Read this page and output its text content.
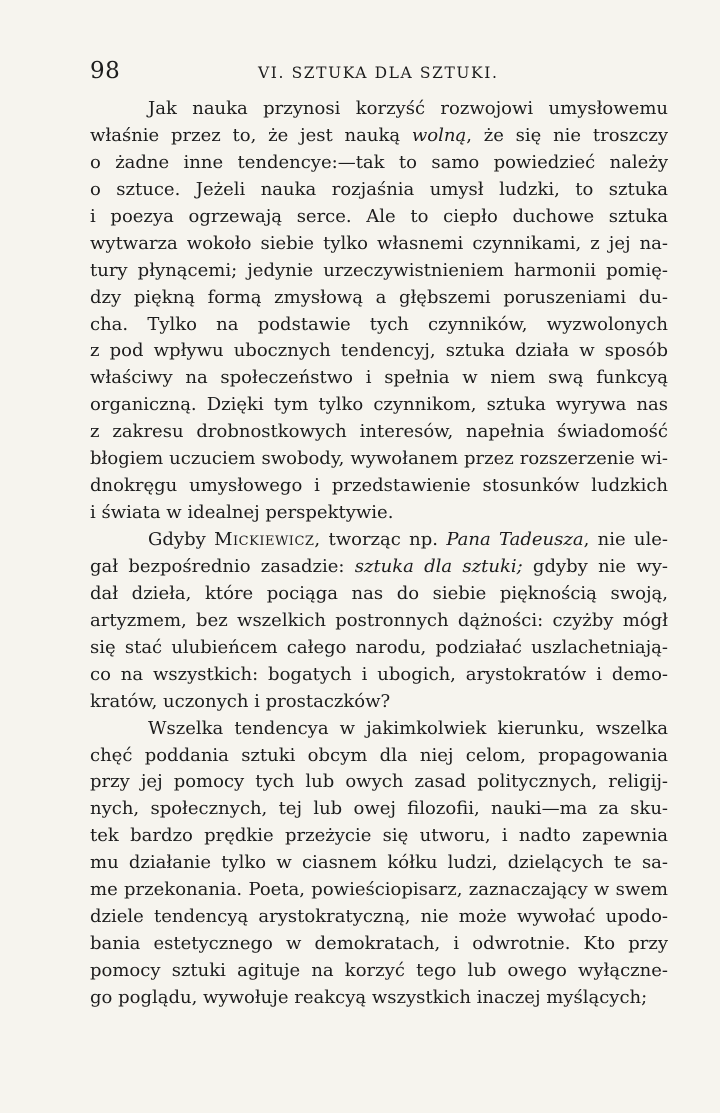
98	VI. SZTUKA DLA SZTUKI.
Jak nauka przynosi korzyść rozwojowi umysłowemu
właśnie przez to, że jest nauką wolną, że się nie troszczy
o żadne inne tendencye:—tak to samo powiedzieć należy
o sztuce. Jeżeli nauka rozjaśnia umysł ludzki, to sztuka
i poezya ogrzewają serce. Ale to ciepło duchowe sztuka
wytwarza wokoło siebie tylko własnemi czynnikami, z jej na-
tury płynącemi; jedynie urzeczywistnieniem harmonii pomię-
dzy piękną formą zmysłową a głębszemi poruszeniami du-
cha. Tylko na podstawie tych czynników, wyzwolonych
z pod wpływu ubocznych tendencyj, sztuka działa w sposób
właściwy na społeczeństwo i spełnia w niem swą funkcyą
organiczną. Dzięki tym tylko czynnikom, sztuka wyrywa nas
z zakresu drobnostkowych interesów, napełnia świadomość
błogiem uczuciem swobody, wywołanem przez rozszerzenie wi-
dnokręgu umysłowego i przedstawienie stosunków ludzkich
i świata w idealnej perspektywie.
Gdyby Mickiewicz, tworząc np. Pana Tadeusza, nie ule-
gał bezpośrednio zasadzie: sztuka dla sztuki; gdyby nie wy-
dał dzieła, które pociąga nas do siebie pięknością swoją,
artyzmem, bez wszelkich postronnych dążności: czyżby mógł
się stać ulubieńcem całego narodu, podziałać uszlachetniają-
co na wszystkich: bogatych i ubogich, arystokratów i demo-
kratów, uczonych i prostaczków?
Wszelka tendencya w jakimkolwiek kierunku, wszelka
chęć poddania sztuki obcym dla niej celom, propagowania
przy jej pomocy tych lub owych zasad politycznych, religij-
nych, społecznych, tej lub owej filozofii, nauki—ma za sku-
tek bardzo prędkie przeżycie się utworu, i nadto zapewnia
mu działanie tylko w ciasnem kółku ludzi, dzielących te sa-
me przekonania. Poeta, powieściopisarz, zaznaczający w swem
dziele tendencyą arystokratyczną, nie może wywołać upodo-
bania estetycznego w demokratach, i odwrotnie. Kto przy
pomocy sztuki agituje na korzyć tego lub owego wyłączne-
go poglądu, wywołuje reakcyą wszystkich inaczej myślących;
